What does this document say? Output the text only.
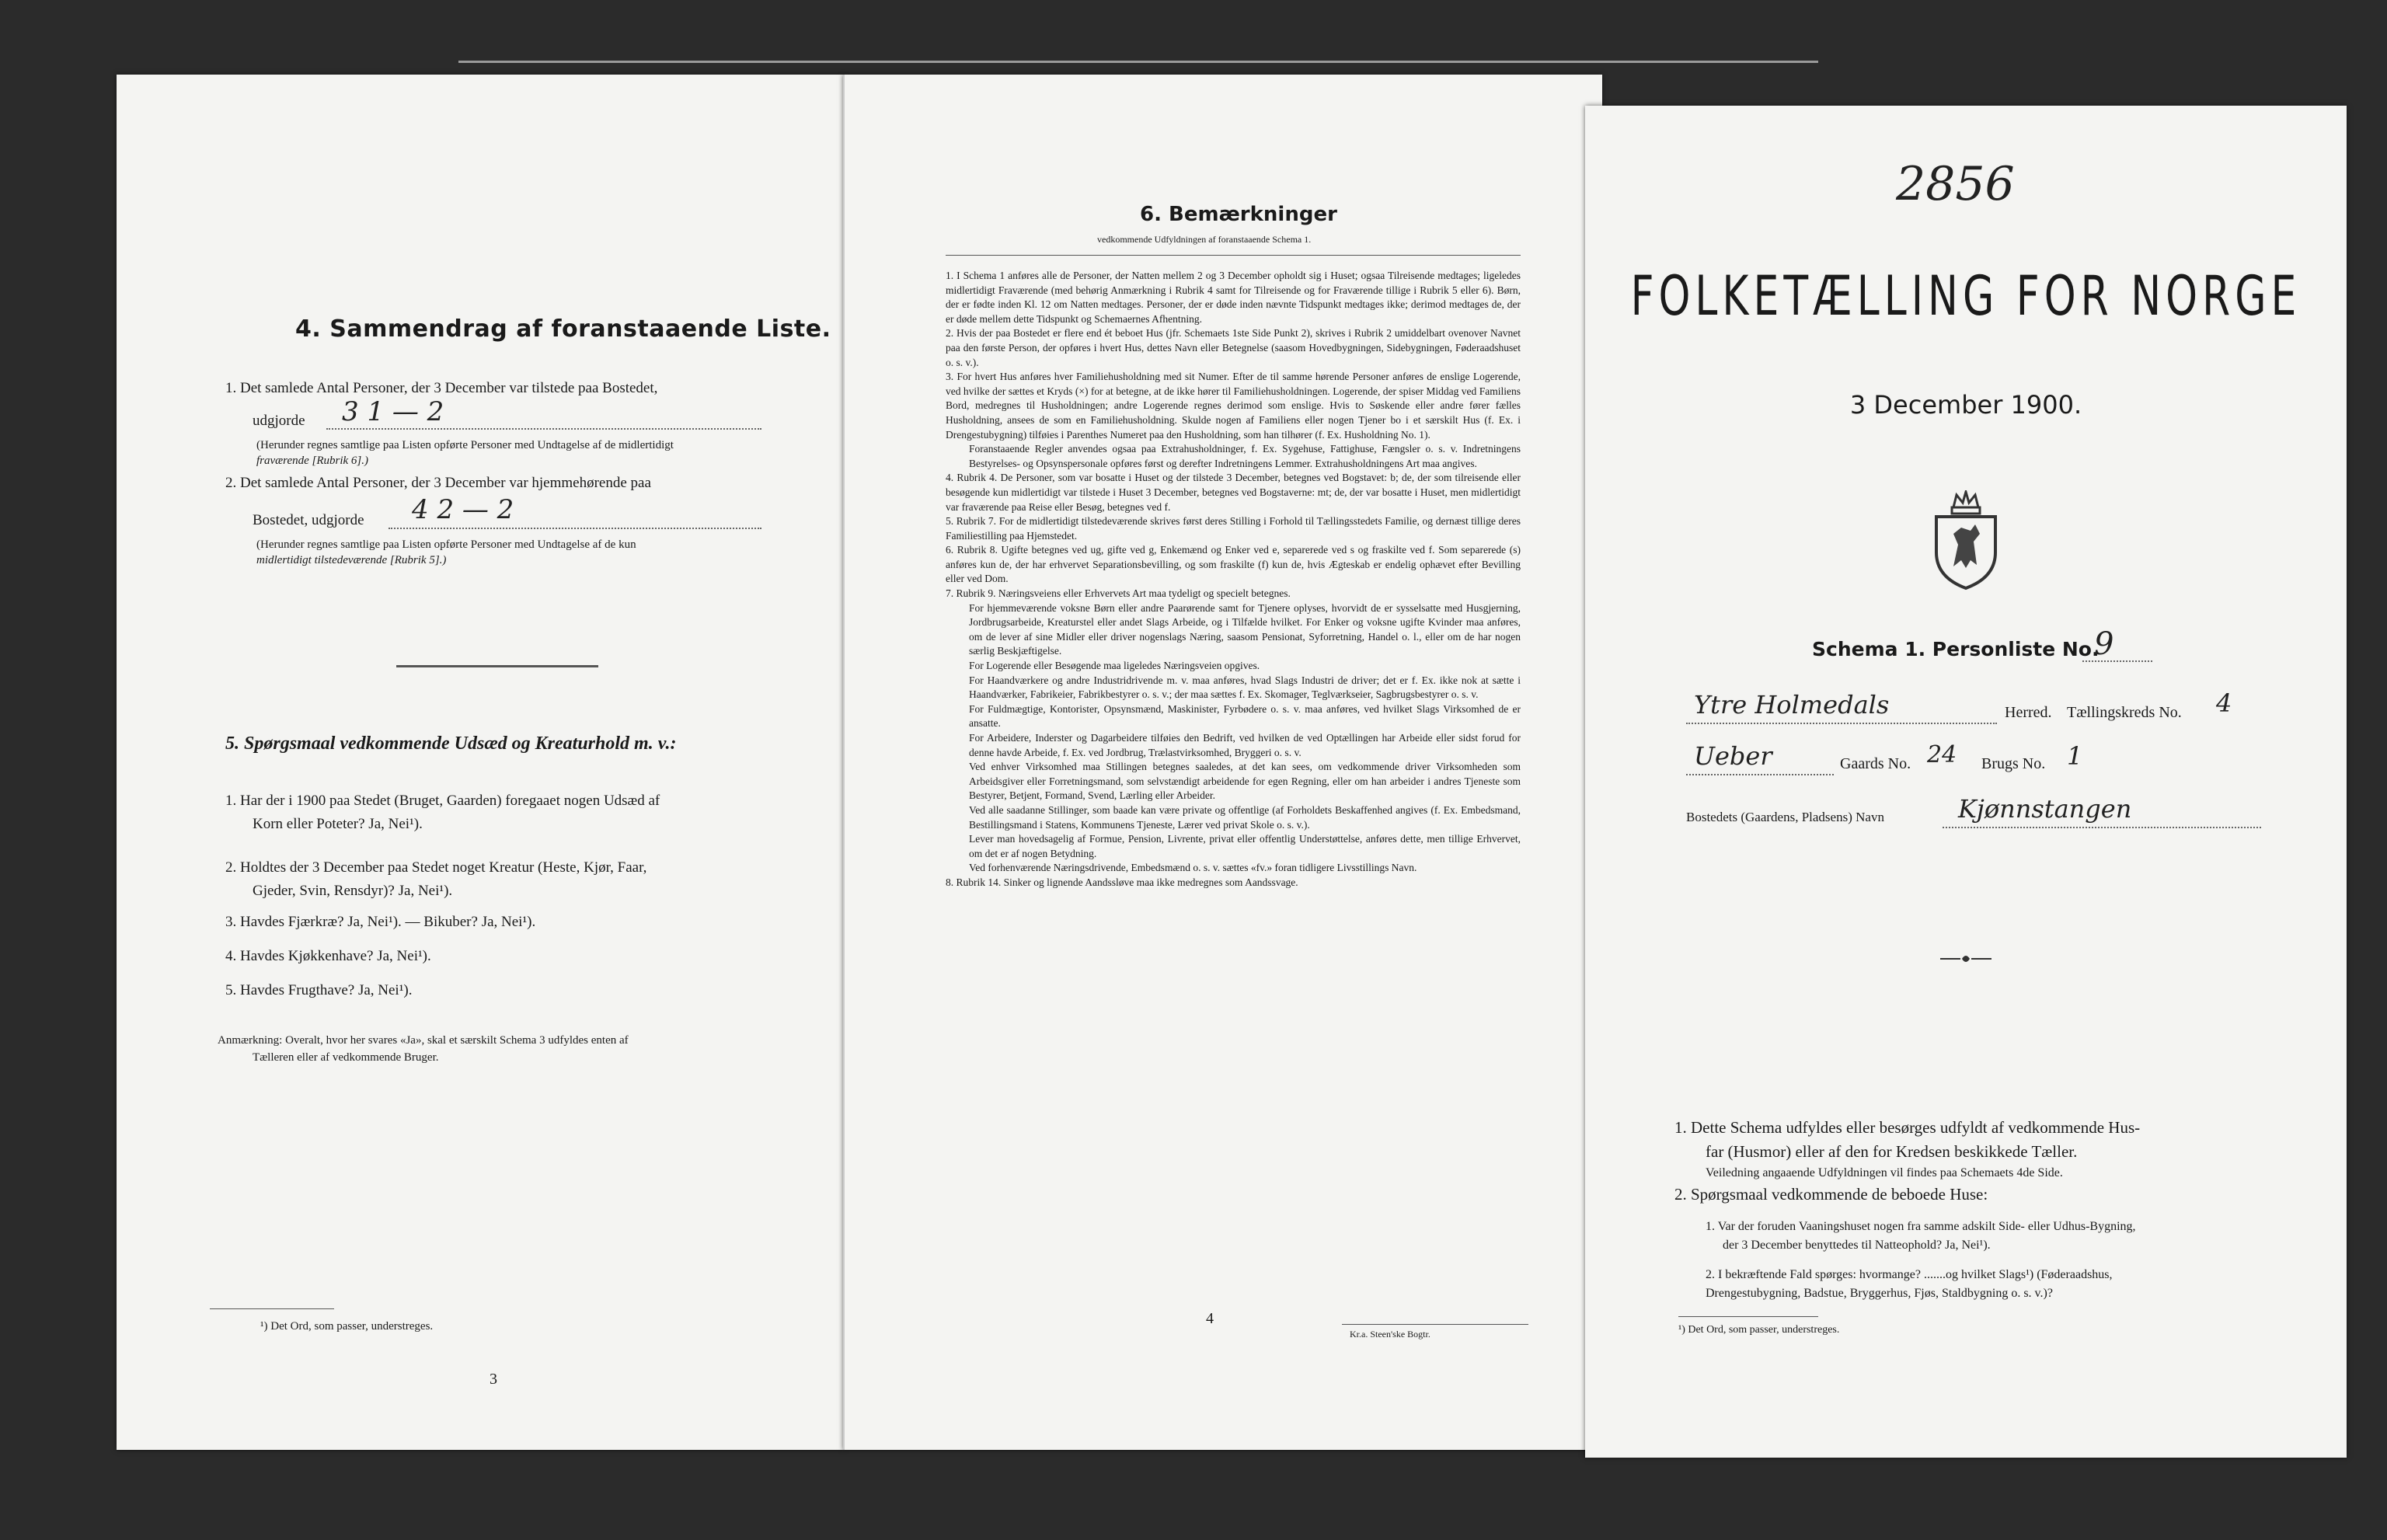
4. Sammendrag af foranstaaende Liste.
1. Det samlede Antal Personer, der 3 December var tilstede paa Bostedet,
udgjorde 3 1 — 2
(Herunder regnes samtlige paa Listen opførte Personer med Undtagelse af de midlertidigt
fraværende [Rubrik 6].)
2. Det samlede Antal Personer, der 3 December var hjemmehørende paa
Bostedet, udgjorde 4 2 — 2
(Herunder regnes samtlige paa Listen opførte Personer med Undtagelse af de kun
midlertidigt tilstedeværende [Rubrik 5].)
5. Spørgsmaal vedkommende Udsæd og Kreaturhold m. v.:
1. Har der i 1900 paa Stedet (Bruget, Gaarden) foregaaet nogen Udsæd af
Korn eller Poteter? Ja, Nei¹).
2. Holdtes der 3 December paa Stedet noget Kreatur (Heste, Kjør, Faar,
Gjeder, Svin, Rensdyr)? Ja, Nei¹).
3. Havdes Fjærkræ? Ja, Nei¹). — Bikuber? Ja, Nei¹).
4. Havdes Kjøkkenhave? Ja, Nei¹).
5. Havdes Frugthave? Ja, Nei¹).
Anmærkning: Overalt, hvor her svares «Ja», skal et særskilt Schema 3 udfyldes enten af
Tælleren eller af vedkommende Bruger.
¹) Det Ord, som passer, understreges.
3
6. Bemærkninger
vedkommende Udfyldningen af foranstaaende Schema 1.

1. I Schema 1 anføres alle de Personer, der Natten mellem 2 og 3 December opholdt sig i Huset; ogsaa Tilreisende medtages; ligeledes midlertidigt Fraværende (med behørig Anmærkning i Rubrik 4 samt for Tilreisende og for Fraværende tillige i Rubrik 5 eller 6). Børn, der er fødte inden Kl. 12 om Natten medtages. Personer, der er døde inden nævnte Tidspunkt medtages ikke; derimod medtages de, der er døde mellem dette Tidspunkt og Schemaernes Afhentning.

2. Hvis der paa Bostedet er flere end ét beboet Hus (jfr. Schemaets 1ste Side Punkt 2), skrives i Rubrik 2 umiddelbart ovenover Navnet paa den første Person, der opføres i hvert Hus, dettes Navn eller Betegnelse (saasom Hovedbygningen, Sidebygningen, Føderaadshuset o. s. v.).

3. For hvert Hus anføres hver Familiehusholdning med sit Numer. Efter de til samme hørende Personer anføres de enslige Logerende, ved hvilke der sættes et Kryds (×) for at betegne, at de ikke hører til Familiehusholdningen. Logerende, der spiser Middag ved Familiens Bord, medregnes til Husholdningen; andre Logerende regnes derimod som enslige. Hvis to Søskende eller andre fører fælles Husholdning, ansees de som en Familiehusholdning. Skulde nogen af Familiens eller nogen Tjener bo i et særskilt Hus (f. Ex. i Drengestubygning) tilføies i Parenthes Numeret paa den Husholdning, som han tilhører (f. Ex. Husholdning No. 1).

Foranstaaende Regler anvendes ogsaa paa Extrahusholdninger, f. Ex. Sygehuse, Fattighuse, Fængsler o. s. v. Indretningens Bestyrelses- og Opsynspersonale opføres først og derefter Indretningens Lemmer. Extrahusholdningens Art maa angives.

4. Rubrik 4. De Personer, som var bosatte i Huset og der tilstede 3 December, betegnes ved Bogstavet: b; de, der som tilreisende eller besøgende kun midlertidigt var tilstede i Huset 3 December, betegnes ved Bogstaverne: mt; de, der var bosatte i Huset, men midlertidigt var fraværende paa Reise eller Besøg, betegnes ved f.

5. Rubrik 7. For de midlertidigt tilstedeværende skrives først deres Stilling i Forhold til Tællingsstedets Familie, og dernæst tillige deres Familiestilling paa Hjemstedet.

6. Rubrik 8. Ugifte betegnes ved ug, gifte ved g, Enkemænd og Enker ved e, separerede ved s og fraskilte ved f. Som separerede (s) anføres kun de, der har erhvervet Separationsbevilling, og som fraskilte (f) kun de, hvis Ægteskab er endelig ophævet efter Bevilling eller ved Dom.

7. Rubrik 9. Næringsveiens eller Erhvervets Art maa tydeligt og specielt betegnes.

For hjemmeværende voksne Børn eller andre Paarørende samt for Tjenere oplyses, hvorvidt de er sysselsatte med Husgjerning, Jordbrugsarbeide, Kreaturstel eller andet Slags Arbeide, og i Tilfælde hvilket. For Enker og voksne ugifte Kvinder maa anføres, om de lever af sine Midler eller driver nogenslags Næring, saasom Pensionat, Syforretning, Handel o. l., eller om de har nogen særlig Beskjæftigelse.

For Logerende eller Besøgende maa ligeledes Næringsveien opgives.

For Haandværkere og andre Industridrivende m. v. maa anføres, hvad Slags Industri de driver; det er f. Ex. ikke nok at sætte i Haandværker, Fabrikeier, Fabrikbestyrer o. s. v.; der maa sættes f. Ex. Skomager, Teglværkseier, Sagbrugsbestyrer o. s. v.

For Fuldmægtige, Kontorister, Opsynsmænd, Maskinister, Fyrbødere o. s. v. maa anføres, ved hvilket Slags Virksomhed de er ansatte.

For Arbeidere, Inderster og Dagarbeidere tilføies den Bedrift, ved hvilken de ved Optællingen har Arbeide eller sidst forud for denne havde Arbeide, f. Ex. ved Jordbrug, Trælastvirksomhed, Bryggeri o. s. v.

Ved enhver Virksomhed maa Stillingen betegnes saaledes, at det kan sees, om vedkommende driver Virksomheden som Arbeidsgiver eller Forretningsmand, som selvstændigt arbeidende for egen Regning, eller om han arbeider i andres Tjeneste som Bestyrer, Betjent, Formand, Svend, Lærling eller Arbeider.

Ved alle saadanne Stillinger, som baade kan være private og offentlige (af Forholdets Beskaffenhed angives (f. Ex. Embedsmand, Bestillingsmand i Statens, Kommunens Tjeneste, Lærer ved privat Skole o. s. v.).

Lever man hovedsagelig af Formue, Pension, Livrente, privat eller offentlig Understøttelse, anføres dette, men tillige Erhvervet, om det er af nogen Betydning.

Ved forhenværende Næringsdrivende, Embedsmænd o. s. v. sættes «fv.» foran tidligere Livsstillings Navn.

8. Rubrik 14. Sinker og lignende Aandssløve maa ikke medregnes som Aandssvage.

4
Kr.a. Steen'ske Bogtr.
2856
FOLKETÆLLING FOR NORGE
3 December 1900.
Schema 1. Personliste No.
9
Ytre Holmedals	Herred. Tællingskreds No. 4
Ueber	Gaards No. 24 Brugs No. 1
Bostedets (Gaardens, Pladsens) Navn	Kjønnstangen

1. Dette Schema udfyldes eller besørges udfyldt af vedkommende Hus-

far (Husmor) eller af den for Kredsen beskikkede Tæller.

Veiledning angaaende Udfyldningen vil findes paa Schemaets 4de Side.

2. Spørgsmaal vedkommende de beboede Huse:

1. Var der foruden Vaaningshuset nogen fra samme adskilt Side- eller Udhus-Bygning,

der 3 December benyttedes til Natteophold? Ja, Nei¹).

2. I bekræftende Fald spørges: hvormange? .......og hvilket Slags¹) (Føderaadshus,

Drengestubygning, Badstue, Bryggerhus, Fjøs, Staldbygning o. s. v.)?

¹) Det Ord, som passer, understreges.
